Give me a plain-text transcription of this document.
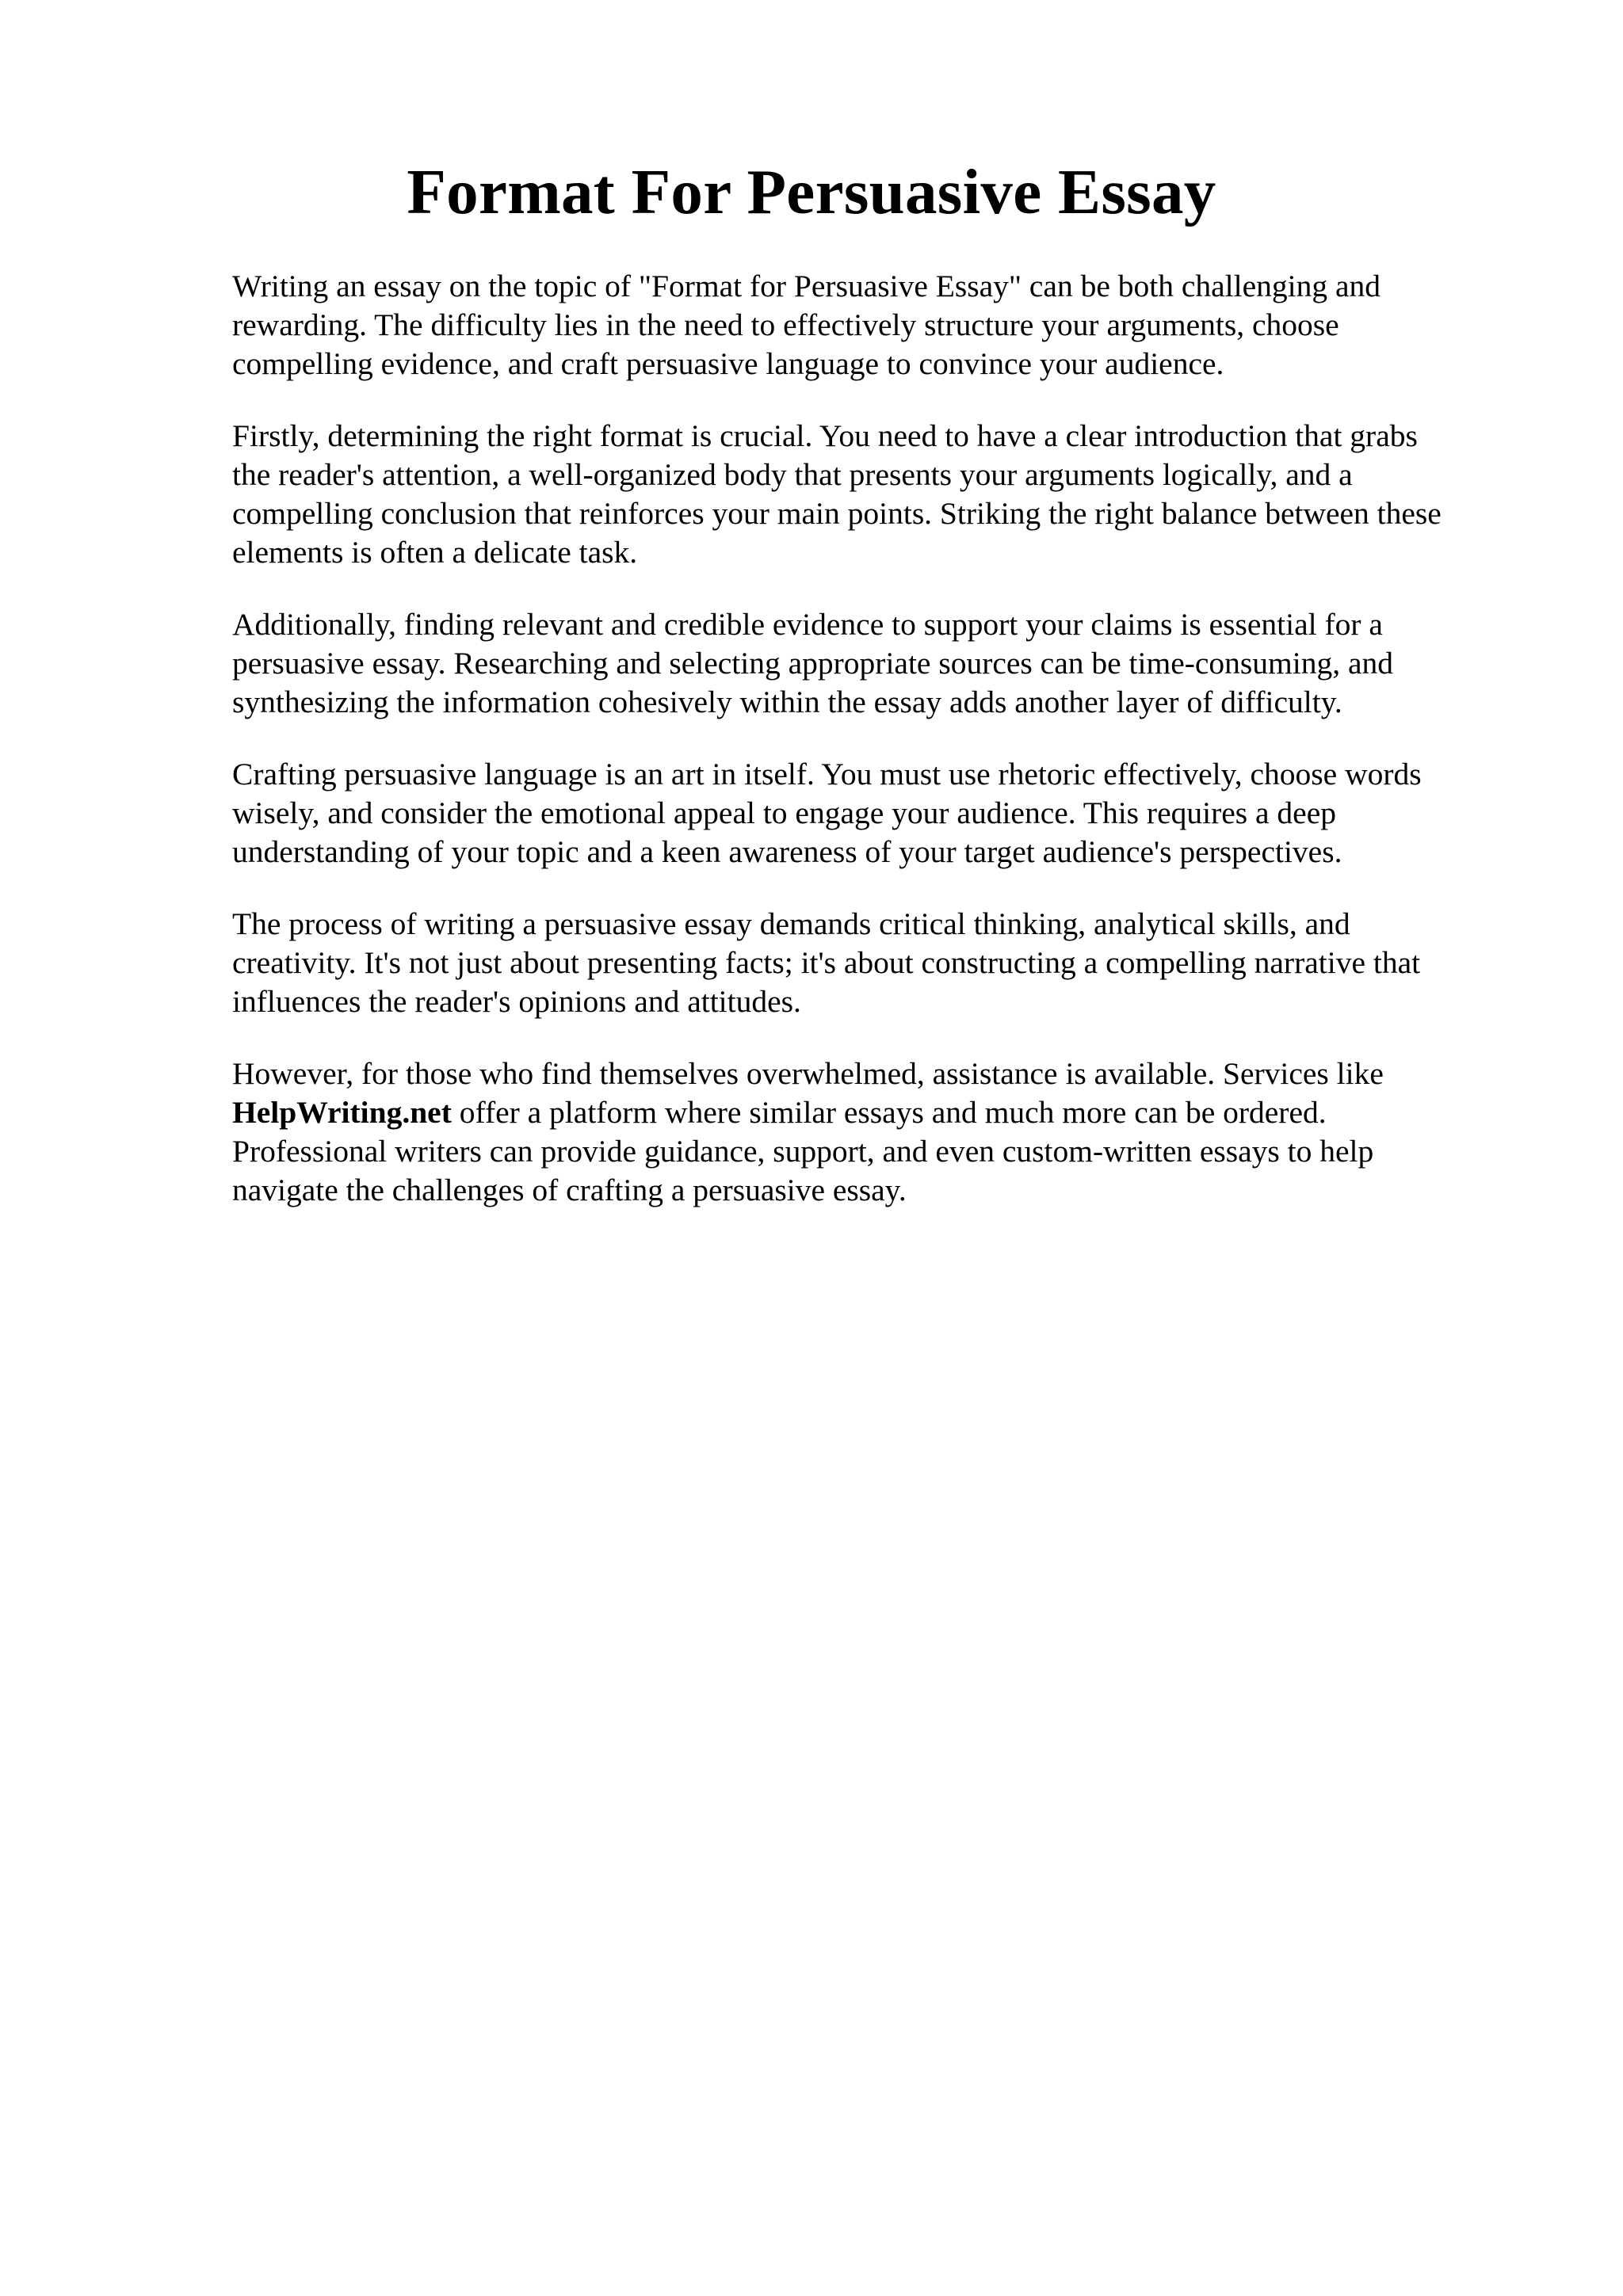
Format For Persuasive Essay

Writing an essay on the topic of "Format for Persuasive Essay" can be both challenging and
rewarding. The difficulty lies in the need to effectively structure your arguments, choose
compelling evidence, and craft persuasive language to convince your audience.

Firstly, determining the right format is crucial. You need to have a clear introduction that grabs
the reader's attention, a well-organized body that presents your arguments logically, and a
compelling conclusion that reinforces your main points. Striking the right balance between these
elements is often a delicate task.

Additionally, finding relevant and credible evidence to support your claims is essential for a
persuasive essay. Researching and selecting appropriate sources can be time-consuming, and
synthesizing the information cohesively within the essay adds another layer of difficulty.

Crafting persuasive language is an art in itself. You must use rhetoric effectively, choose words
wisely, and consider the emotional appeal to engage your audience. This requires a deep
understanding of your topic and a keen awareness of your target audience's perspectives.

The process of writing a persuasive essay demands critical thinking, analytical skills, and
creativity. It's not just about presenting facts; it's about constructing a compelling narrative that
influences the reader's opinions and attitudes.

However, for those who find themselves overwhelmed, assistance is available. Services like
HelpWriting.net offer a platform where similar essays and much more can be ordered.
Professional writers can provide guidance, support, and even custom-written essays to help
navigate the challenges of crafting a persuasive essay.
